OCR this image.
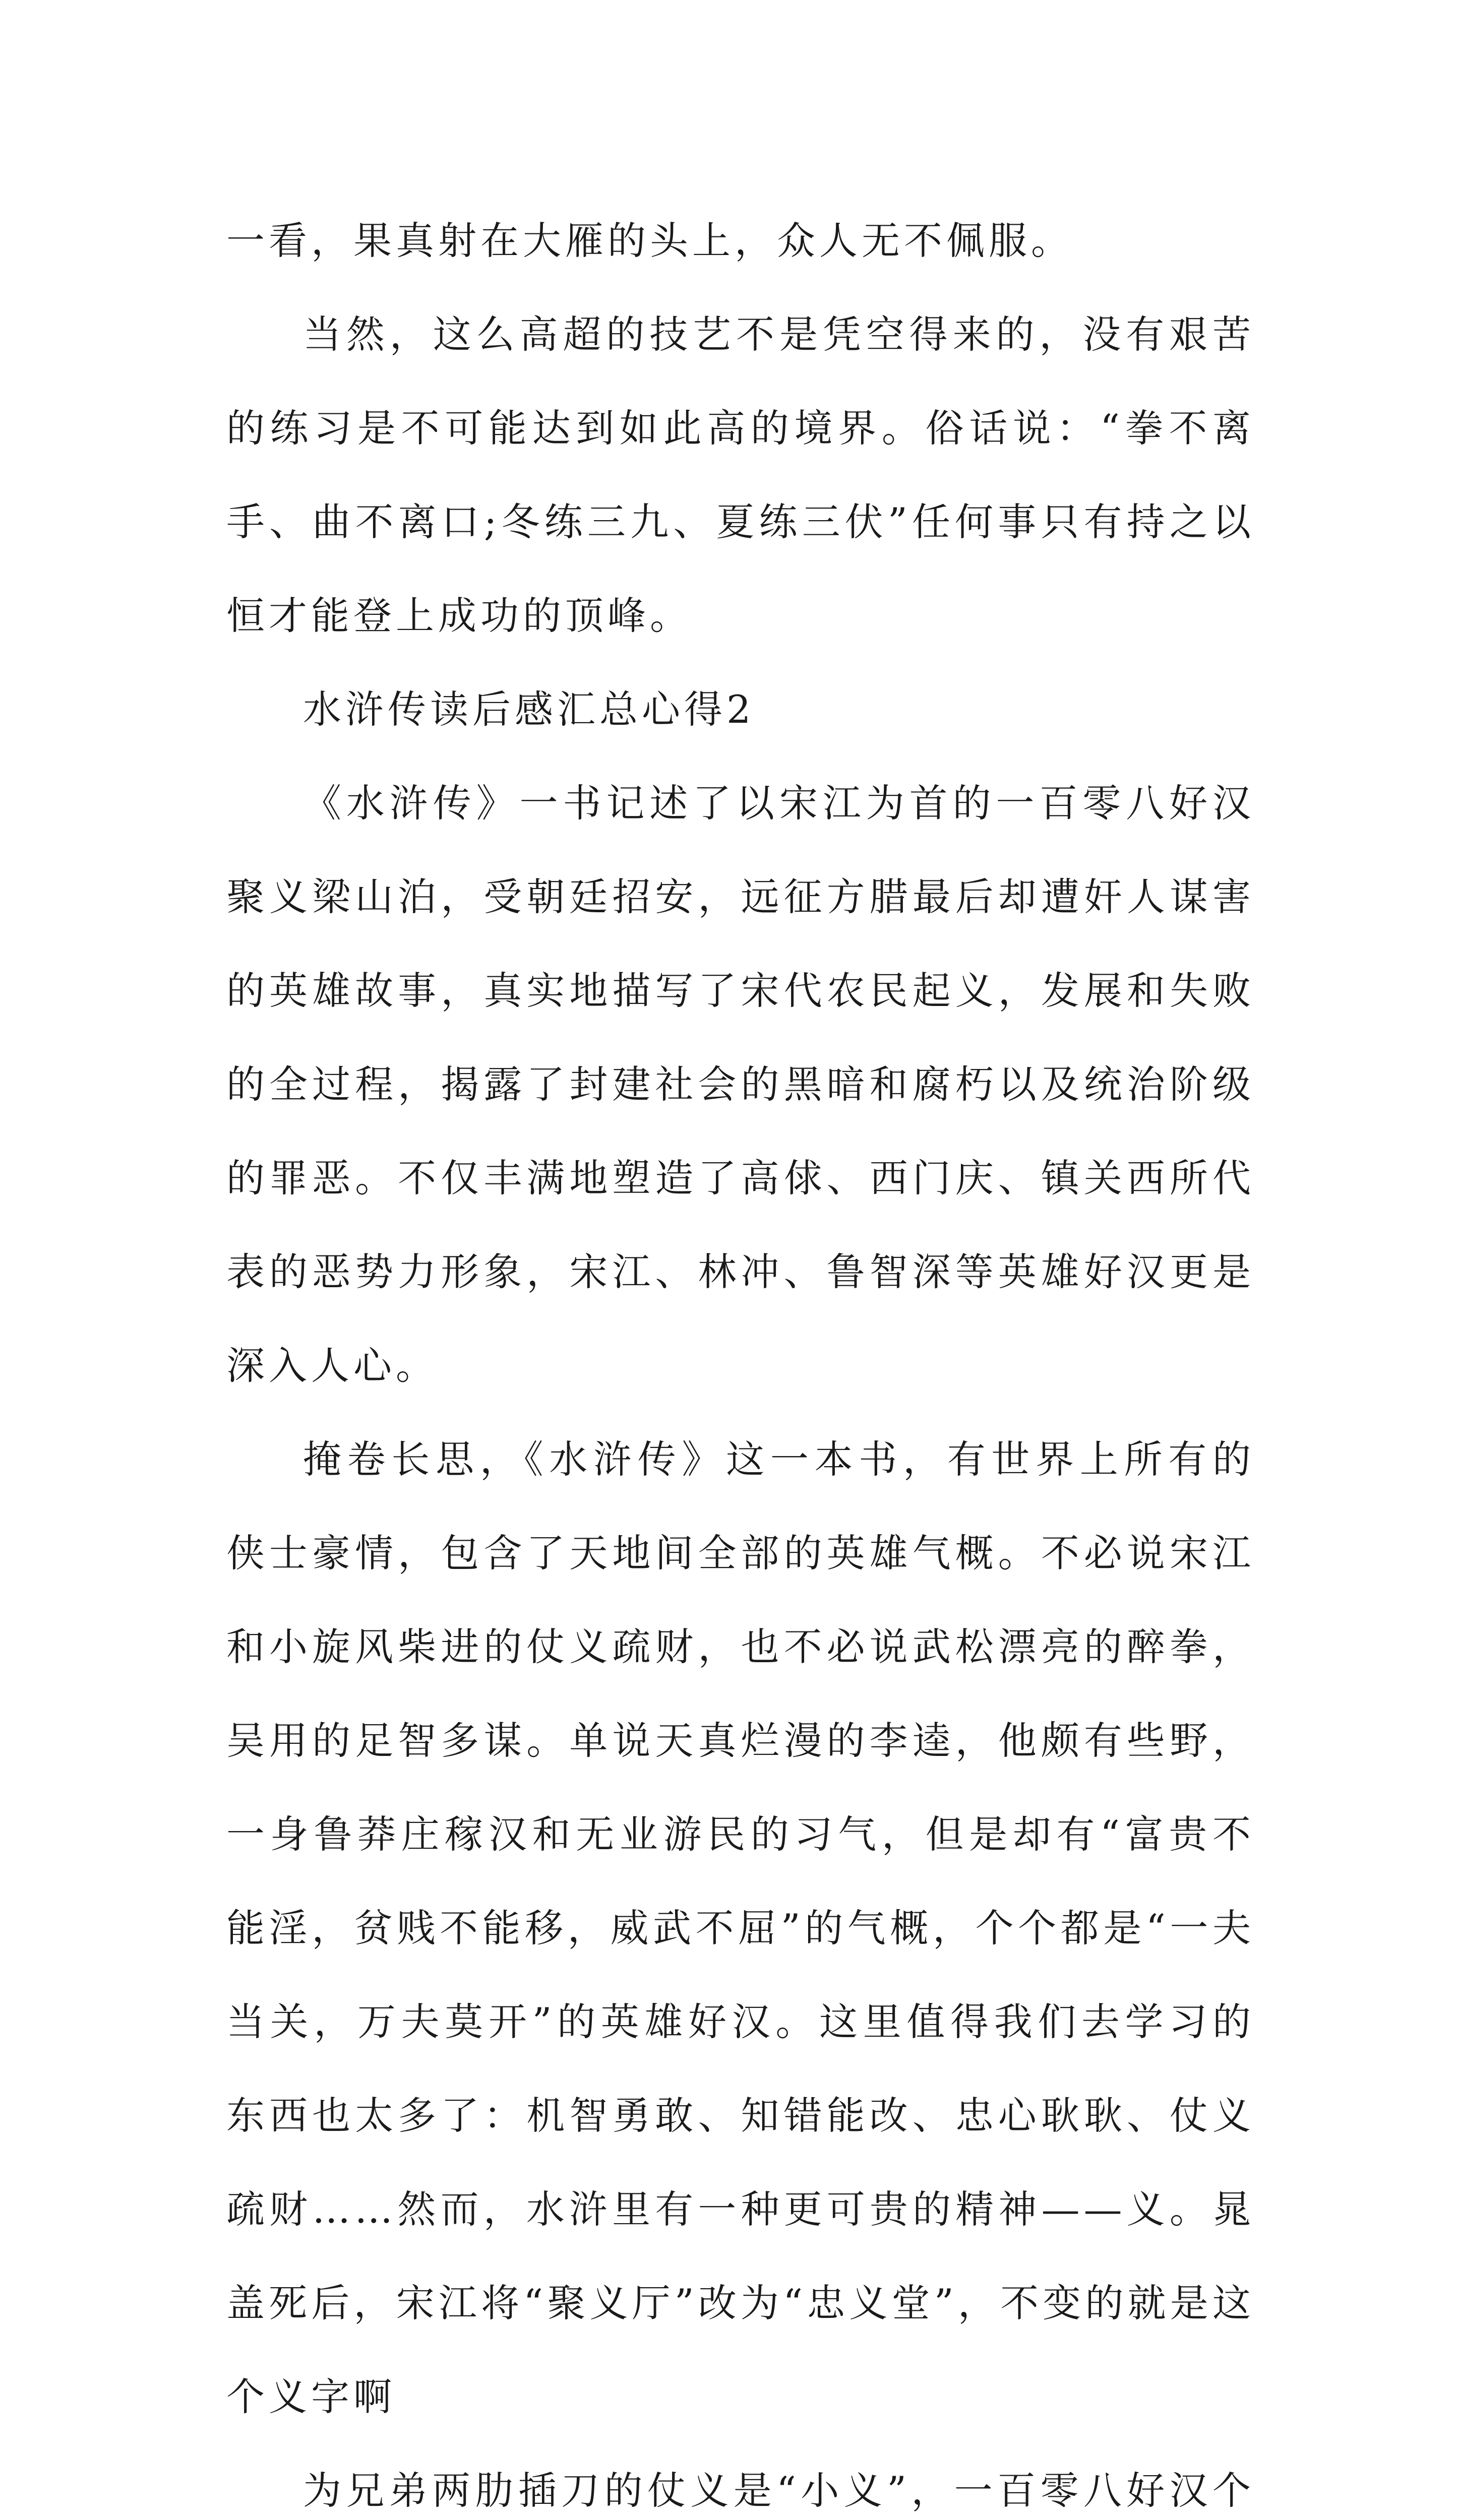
一看，果真射在大雁的头上，众人无不佩服。

当然，这么高超的技艺不是凭空得来的，没有艰苦的练习是不可能达到如此高的境界。俗话说：“拳不离手、曲不离口;冬练三九、夏练三伏”任何事只有持之以恒才能登上成功的顶峰。

水浒传读后感汇总心得2

《水浒传》一书记述了以宋江为首的一百零八好汉聚义梁山泊，受朝廷招安，远征方腊最后却遭奸人谋害的英雄故事，真实地描写了宋代农民起义，发展和失败的全过程，揭露了封建社会的黑暗和腐朽以及统治阶级的罪恶。不仅丰满地塑造了高俅、西门庆、镇关西所代表的恶势力形象，宋江、林冲、鲁智深等英雄好汉更是深入人心。

掩卷长思，《水浒传》这一本书，有世界上所有的侠士豪情，包含了天地间全部的英雄气概。不必说宋江和小旋风柴进的仗义疏财，也不必说武松漂亮的醉拳，吴用的足智多谋。单说天真烂漫的李逵，他颇有些野，一身鲁莽庄稼汉和无业游民的习气，但是却有“富贵不能淫，贫贱不能移，威武不屈”的气概，个个都是“一夫当关，万夫莫开”的英雄好汉。这里值得我们去学习的东西也太多了：机智勇敢、知错能改、忠心耿耿、仗义疏财……然而，水浒里有一种更可贵的精神——义。晁盖死后，宋江将“聚义厅”改为“忠义堂”，不变的就是这个义字啊

为兄弟两肋插刀的仗义是“小义”，一百零八好汉个
